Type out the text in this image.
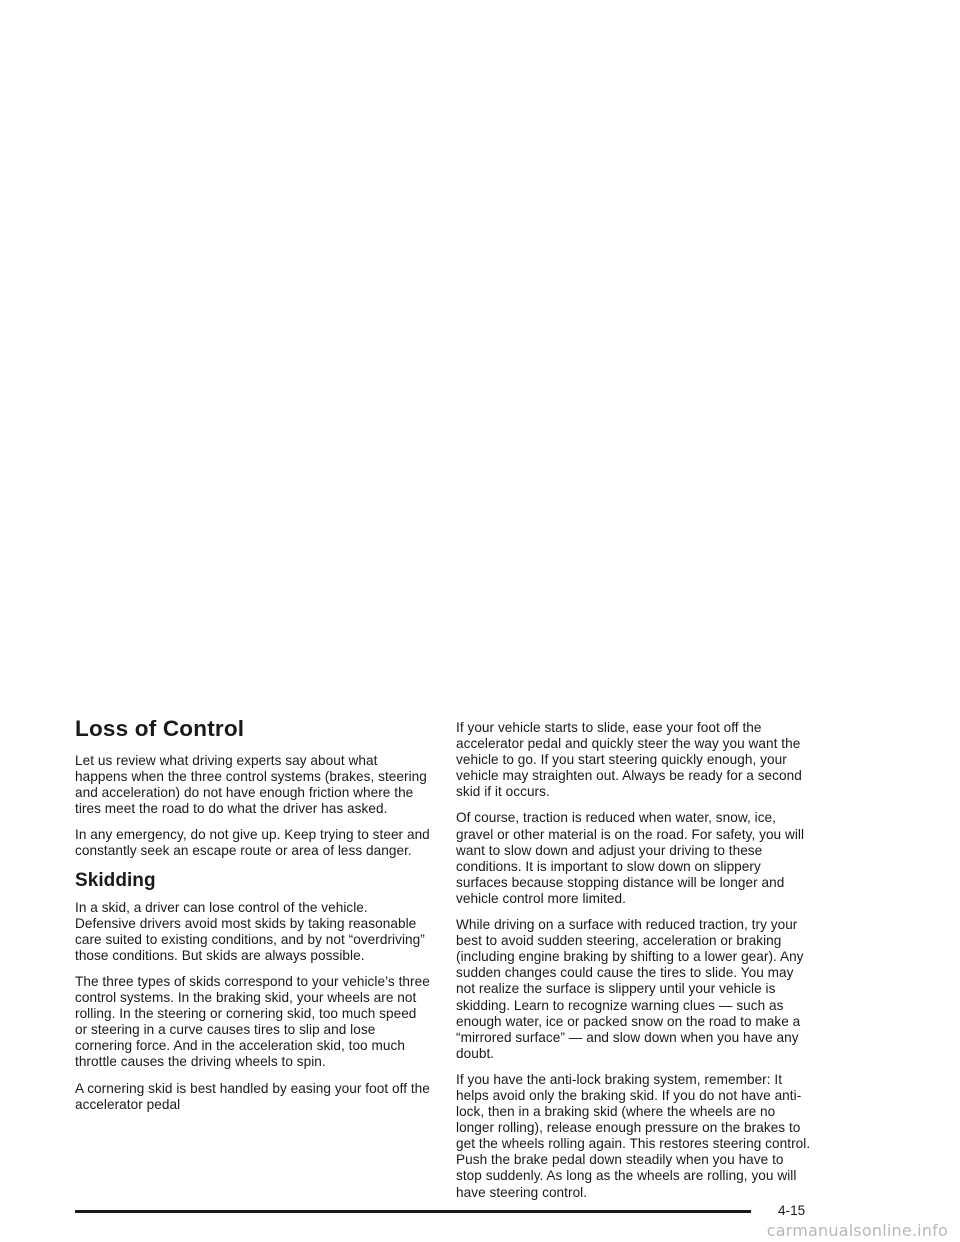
Loss of Control

Let us review what driving experts say about what happens when the three control systems (brakes, steering and acceleration) do not have enough friction where the tires meet the road to do what the driver has asked.

In any emergency, do not give up. Keep trying to steer and constantly seek an escape route or area of less danger.

Skidding

In a skid, a driver can lose control of the vehicle. Defensive drivers avoid most skids by taking reasonable care suited to existing conditions, and by not “overdriving” those conditions. But skids are always possible.

The three types of skids correspond to your vehicle’s three control systems. In the braking skid, your wheels are not rolling. In the steering or cornering skid, too much speed or steering in a curve causes tires to slip and lose cornering force. And in the acceleration skid, too much throttle causes the driving wheels to spin.

A cornering skid is best handled by easing your foot off the accelerator pedal

If your vehicle starts to slide, ease your foot off the accelerator pedal and quickly steer the way you want the vehicle to go. If you start steering quickly enough, your vehicle may straighten out. Always be ready for a second skid if it occurs.

Of course, traction is reduced when water, snow, ice, gravel or other material is on the road. For safety, you will want to slow down and adjust your driving to these conditions. It is important to slow down on slippery surfaces because stopping distance will be longer and vehicle control more limited.

While driving on a surface with reduced traction, try your best to avoid sudden steering, acceleration or braking (including engine braking by shifting to a lower gear). Any sudden changes could cause the tires to slide. You may not realize the surface is slippery until your vehicle is skidding. Learn to recognize warning clues — such as enough water, ice or packed snow on the road to make a “mirrored surface” — and slow down when you have any doubt.

If you have the anti-lock braking system, remember: It helps avoid only the braking skid. If you do not have anti-lock, then in a braking skid (where the wheels are no longer rolling), release enough pressure on the brakes to get the wheels rolling again. This restores steering control. Push the brake pedal down steadily when you have to stop suddenly. As long as the wheels are rolling, you will have steering control.

4-15
carmanualsonline.info
